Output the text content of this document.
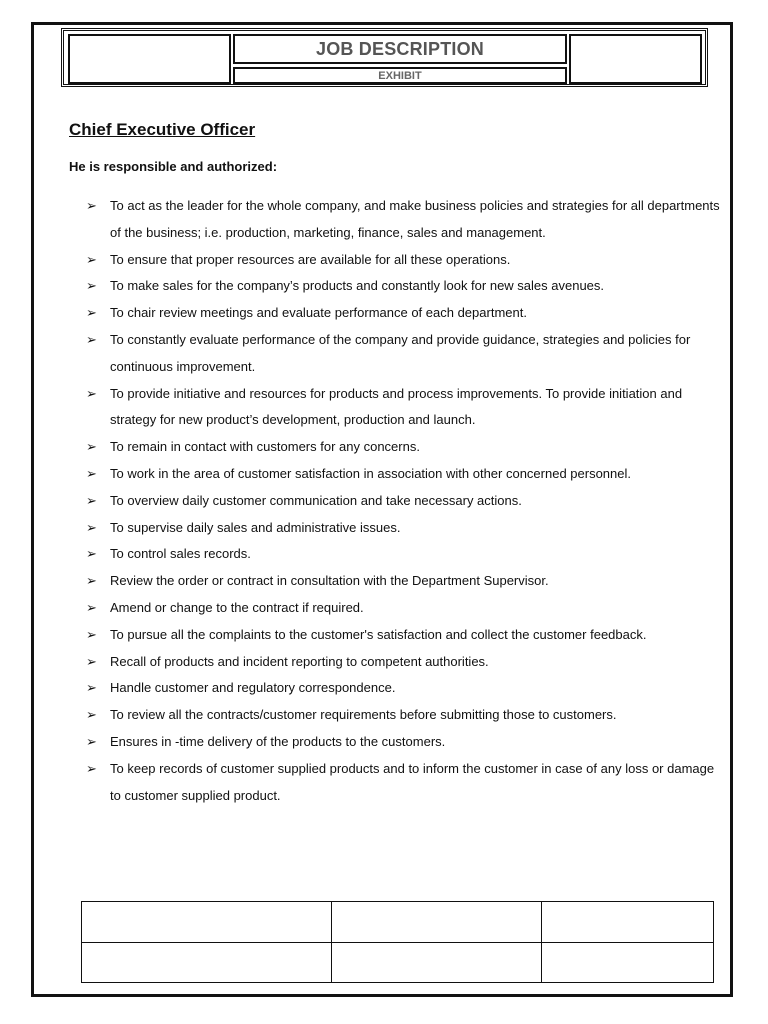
JOB DESCRIPTION
EXHIBIT
Chief Executive Officer
He is responsible and authorized:
➢ To act as the leader for the whole company, and make business policies and strategies for all departments of the business; i.e. production, marketing, finance, sales and management.
➢ To ensure that proper resources are available for all these operations.
➢ To make sales for the company’s products and constantly look for new sales avenues.
➢ To chair review meetings and evaluate performance of each department.
➢ To constantly evaluate performance of the company and provide guidance, strategies and policies for continuous improvement.
➢ To provide initiative and resources for products and process improvements. To provide initiation and strategy for new product’s development, production and launch.
➢ To remain in contact with customers for any concerns.
➢ To work in the area of customer satisfaction in association with other concerned personnel.
➢ To overview daily customer communication and take necessary actions.
➢ To supervise daily sales and administrative issues.
➢ To control sales records.
➢ Review the order or contract in consultation with the Department Supervisor.
➢ Amend or change to the contract if required.
➢ To pursue all the complaints to the customer's satisfaction and collect the customer feedback.
➢ Recall of products and incident reporting to competent authorities.
➢ Handle customer and regulatory correspondence.
➢ To review all the contracts/customer requirements before submitting those to customers.
➢ Ensures in -time delivery of the products to the customers.
➢ To keep records of customer supplied products and to inform the customer in case of any loss or damage to customer supplied product.
